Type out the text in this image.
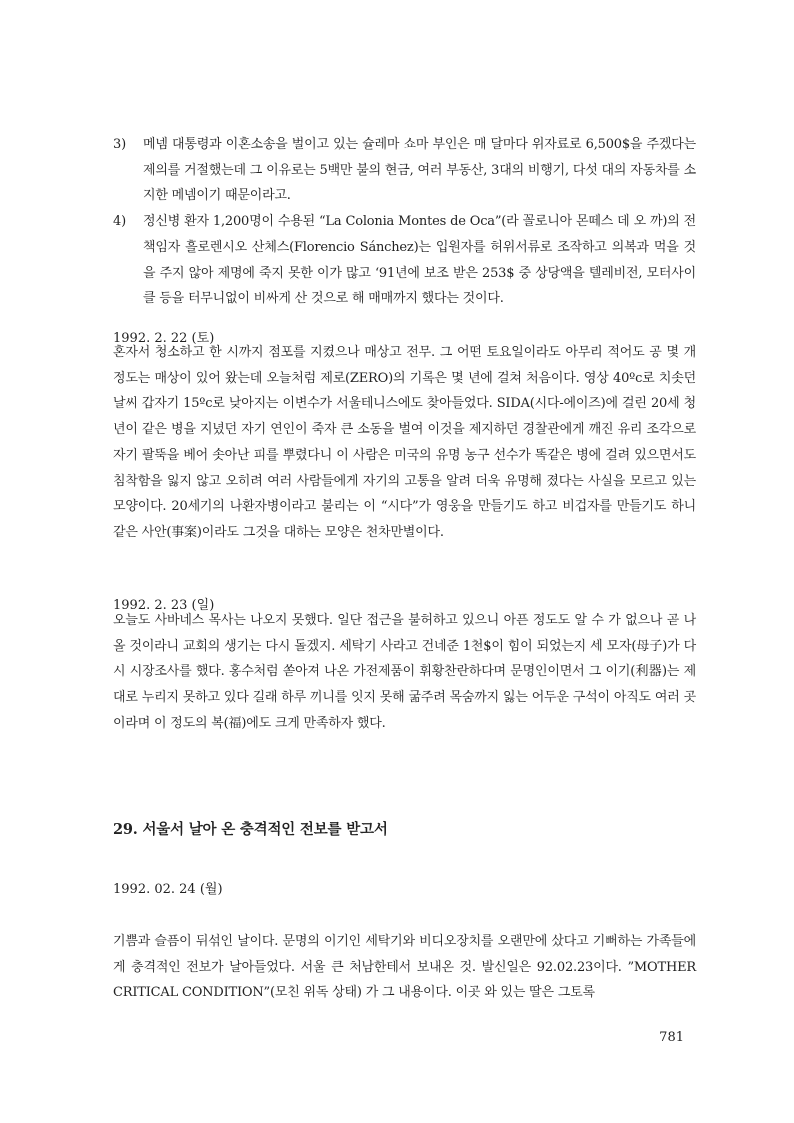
3) 메넴 대통령과 이혼소송을 벌이고 있는 슐레마 쇼마 부인은 매 달마다 위자료로 6,500$을 주겠다는 제의를 거절했는데 그 이유로는 5백만 불의 현금, 여러 부동산, 3대의 비행기, 다섯 대의 자동차를 소지한 메넴이기 때문이라고.
4) 정신병 환자 1,200명이 수용된 “La Colonia Montes de Oca”(라 꼴로니아 몬떼스 데 오 까)의 전 책임자 흘로렌시오 산체스(Florencio Sánchez)는 입원자를 허위서류로 조작하고 의복과 먹을 것을 주지 않아 제명에 죽지 못한 이가 많고 ‘91년에 보조 받은 253$ 중 상당액을 텔레비전, 모터사이클 등을 터무니없이 비싸게 산 것으로 해 매매까지 했다는 것이다.
1992. 2. 22 (토)

혼자서 청소하고 한 시까지 점포를 지켰으나 매상고 전무. 그 어떤 토요일이라도 아무리 적어도 공 몇 개 정도는 매상이 있어 왔는데 오늘처럼 제로(ZERO)의 기록은 몇 년에 걸쳐 처음이다. 영상 40ºc로 치솟던 날씨 갑자기 15ºc로 낮아지는 이변수가 서울테니스에도 찾아들었다. SIDA(시다-에이즈)에 걸린 20세 청년이 같은 병을 지녔던 자기 연인이 죽자 큰 소동을 벌여 이것을 제지하던 경찰관에게 깨진 유리 조각으로 자기 팔뚝을 베어 솟아난 피를 뿌렸다니 이 사람은 미국의 유명 농구 선수가 똑같은 병에 걸려 있으면서도 침착함을 잃지 않고 오히려 여러 사람들에게 자기의 고통을 알려 더욱 유명해 졌다는 사실을 모르고 있는 모양이다. 20세기의 나환자병이라고 불리는 이 “시다”가 영웅을 만들기도 하고 비겁자를 만들기도 하니 같은 사안(事案)이라도 그것을 대하는 모양은 천차만별이다.

1992. 2. 23 (일)

오늘도 사바네스 목사는 나오지 못했다. 일단 접근을 불허하고 있으니 아픈 정도도 알 수 가 없으나 곧 나올 것이라니 교회의 생기는 다시 돌겠지. 세탁기 사라고 건네준 1천$이 힘이 되었는지 세 모자(母子)가 다시 시장조사를 했다. 홍수처럼 쏟아져 나온 가전제품이 휘황찬란하다며 문명인이면서 그 이기(利器)는 제대로 누리지 못하고 있다 길래 하루 끼니를 잇지 못해 굶주려 목숨까지 잃는 어두운 구석이 아직도 여러 곳이라며 이 정도의 복(福)에도 크게 만족하자 했다.

29. 서울서 날아 온 충격적인 전보를 받고서
1992. 02. 24 (월)

기쁨과 슬픔이 뒤섞인 날이다. 문명의 이기인 세탁기와 비디오장치를 오랜만에 샀다고 기뻐하는 가족들에게 충격적인 전보가 날아들었다. 서울 큰 처남한테서 보내온 것. 발신일은 92.02.23이다. ”MOTHER CRITICAL CONDITION”(모친 위독 상태) 가 그 내용이다. 이곳 와 있는 딸은 그토록

781
